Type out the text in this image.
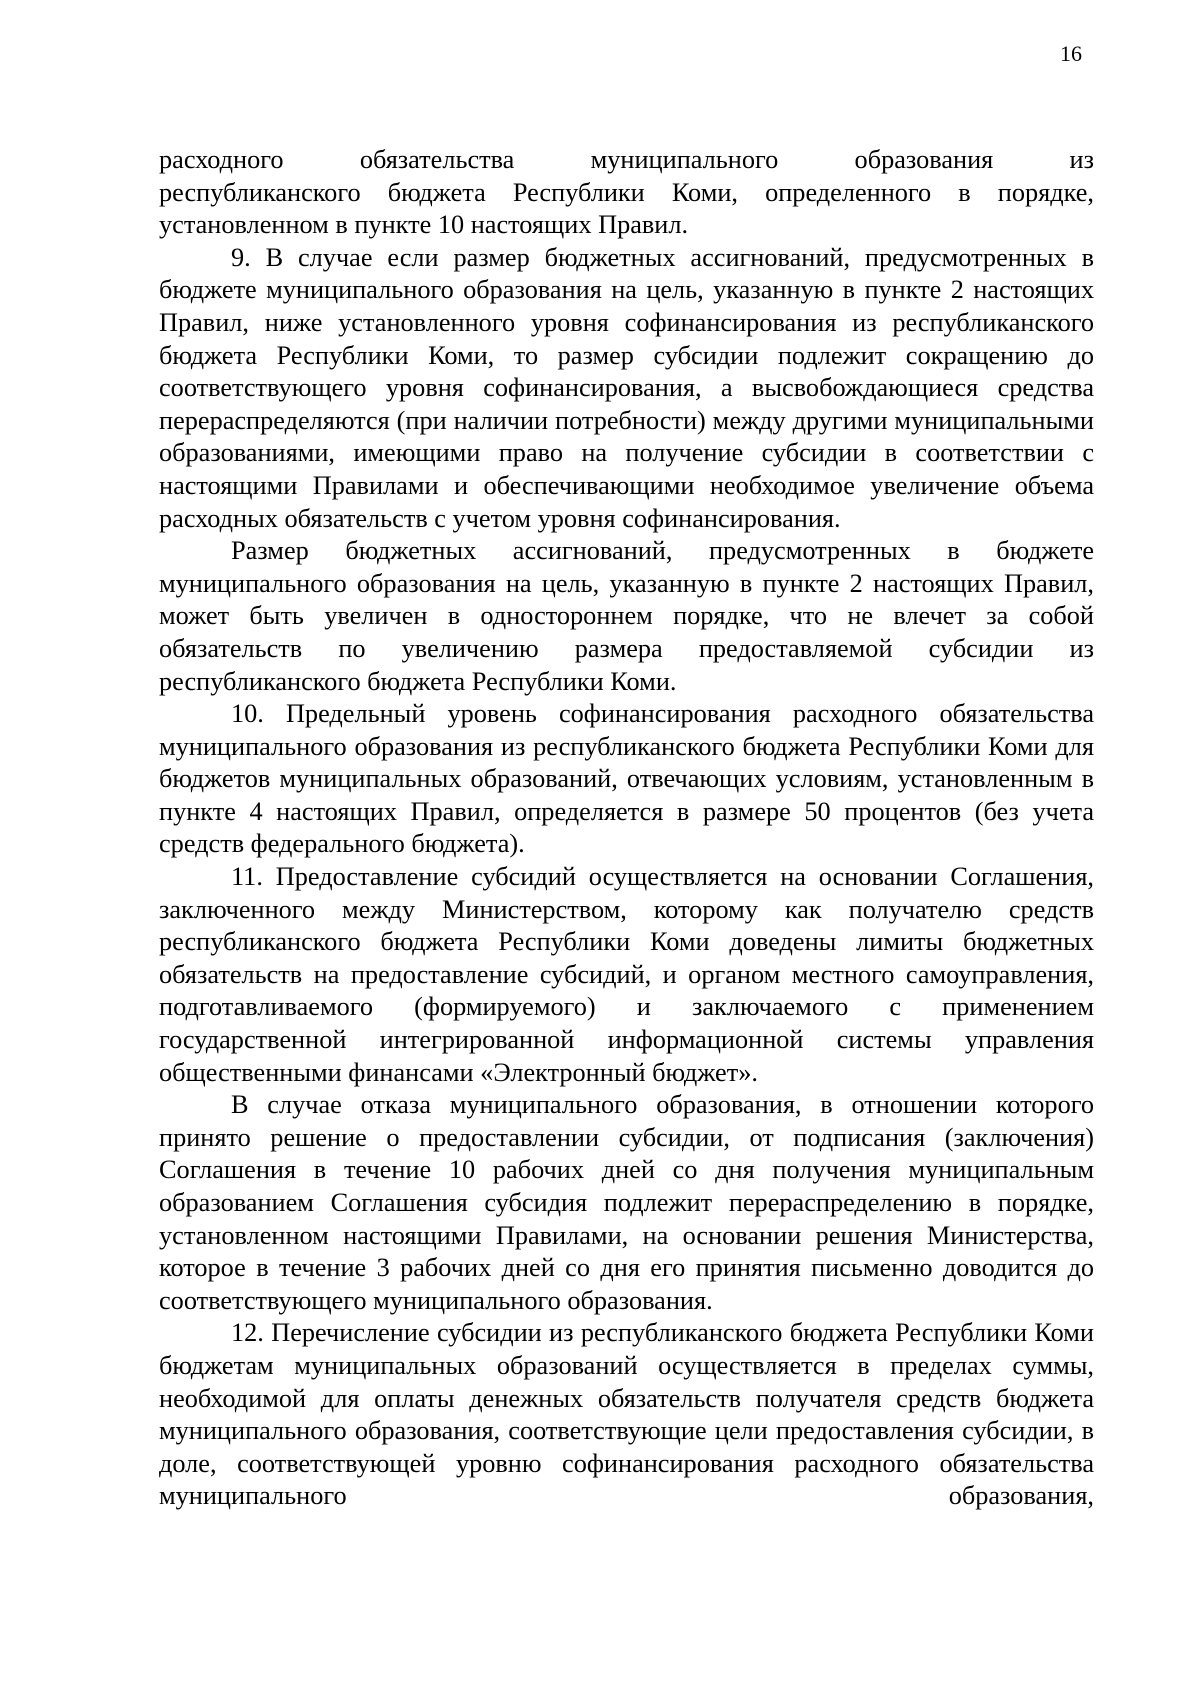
16

расходного обязательства муниципального образования из

республиканского бюджета Республики Коми, определенного в порядке, установленном в пункте 10 настоящих Правил.

9. В случае если размер бюджетных ассигнований, предусмотренных в бюджете муниципального образования на цель, указанную в пункте 2 настоящих Правил, ниже установленного уровня софинансирования из республиканского бюджета Республики Коми, то размер субсидии подлежит сокращению до соответствующего уровня софинансирования, а высвобождающиеся средства перераспределяются (при наличии потребности) между другими муниципальными образованиями, имеющими право на получение субсидии в соответствии с настоящими Правилами и обеспечивающими необходимое увеличение объема расходных обязательств с учетом уровня софинансирования.

Размер бюджетных ассигнований, предусмотренных в бюджете муниципального образования на цель, указанную в пункте 2 настоящих Правил, может быть увеличен в одностороннем порядке, что не влечет за собой обязательств по увеличению размера предоставляемой субсидии из республиканского бюджета Республики Коми.

10. Предельный уровень софинансирования расходного обязательства муниципального образования из республиканского бюджета Республики Коми для бюджетов муниципальных образований, отвечающих условиям, установленным в пункте 4 настоящих Правил, определяется в размере 50 процентов (без учета средств федерального бюджета).

11. Предоставление субсидий осуществляется на основании Соглашения, заключенного между Министерством, которому как получателю средств республиканского бюджета Республики Коми доведены лимиты бюджетных обязательств на предоставление субсидий, и органом местного самоуправления, подготавливаемого (формируемого) и заключаемого с применением государственной интегрированной информационной системы управления общественными финансами «Электронный бюджет».

В случае отказа муниципального образования, в отношении которого принято решение о предоставлении субсидии, от подписания (заключения) Соглашения в течение 10 рабочих дней со дня получения муниципальным образованием Соглашения субсидия подлежит перераспределению в порядке, установленном настоящими Правилами, на основании решения Министерства, которое в течение 3 рабочих дней со дня его принятия письменно доводится до соответствующего муниципального образования.

12. Перечисление субсидии из республиканского бюджета Республики Коми бюджетам муниципальных образований осуществляется в пределах суммы, необходимой для оплаты денежных обязательств получателя средств бюджета муниципального образования, соответствующие цели предоставления субсидии, в доле, соответствующей уровню софинансирования расходного обязательства муниципального образования,
